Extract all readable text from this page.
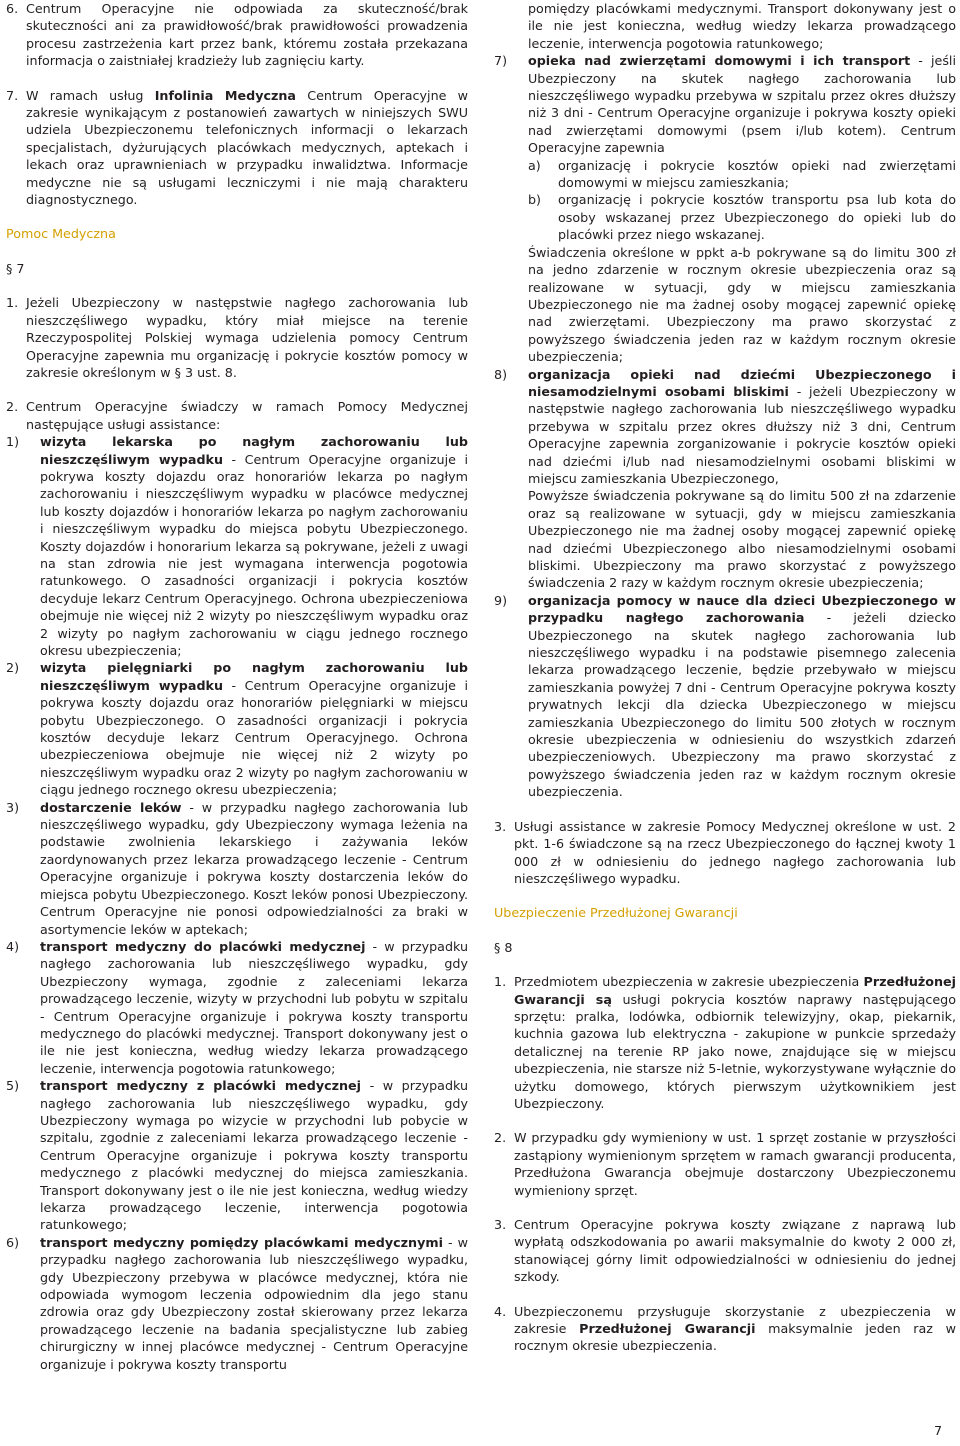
6. Centrum Operacyjne nie odpowiada za skuteczność/brak skuteczności ani za prawidłowość/brak prawidłowości prowadzenia procesu zastrzeżenia kart przez bank, któremu została przekazana informacja o zaistniałej kradzieży lub zagnięciu karty.
7. W ramach usług Infolinia Medyczna Centrum Operacyjne w zakresie wynikającym z postanowień zawartych w niniejszych SWU udziela Ubezpieczonemu telefonicznych informacji o lekarzach specjalistach, dyżurujących placówkach medycznych, aptekach i lekach oraz uprawnieniach w przypadku inwalidztwa. Informacje medyczne nie są usługami leczniczymi i nie mają charakteru diagnostycznego.
Pomoc Medyczna
§ 7
1. Jeżeli Ubezpieczony w następstwie nagłego zachorowania lub nieszczęśliwego wypadku, który miał miejsce na terenie Rzeczypospolitej Polskiej wymaga udzielenia pomocy Centrum Operacyjne zapewnia mu organizację i pokrycie kosztów pomocy w zakresie określonym w § 3 ust. 8.
2. Centrum Operacyjne świadczy w ramach Pomocy Medycznej następujące usługi assistance:
1)	wizyta lekarska po nagłym zachorowaniu lub nieszczęśliwym wypadku - Centrum Operacyjne organizuje i pokrywa koszty dojazdu oraz honorariów lekarza po nagłym zachorowaniu i nieszczęśliwym wypadku w placówce medycznej lub koszty dojazdów i honorariów lekarza po nagłym zachorowaniu i nieszczęśliwym wypadku do miejsca pobytu Ubezpieczonego. Koszty dojazdów i honorarium lekarza są pokrywane, jeżeli z uwagi na stan zdrowia nie jest wymagana interwencja pogotowia ratunkowego. O zasadności organizacji i pokrycia kosztów decyduje lekarz Centrum Operacyjnego. Ochrona ubezpieczeniowa obejmuje nie więcej niż 2 wizyty po nieszczęśliwym wypadku oraz 2 wizyty po nagłym zachorowaniu w ciągu jednego rocznego okresu ubezpieczenia;
2)	wizyta pielęgniarki po nagłym zachorowaniu lub nieszczęśliwym wypadku - Centrum Operacyjne organizuje i pokrywa koszty dojazdu oraz honorariów pielęgniarki w miejscu pobytu Ubezpieczonego. O zasadności organizacji i pokrycia kosztów decyduje lekarz Centrum Operacyjnego. Ochrona ubezpieczeniowa obejmuje nie więcej niż 2 wizyty po nieszczęśliwym wypadku oraz 2 wizyty po nagłym zachorowaniu w ciągu jednego rocznego okresu ubezpieczenia;
3)	dostarczenie leków - w przypadku nagłego zachorowania lub nieszczęśliwego wypadku, gdy Ubezpieczony wymaga leżenia na podstawie zwolnienia lekarskiego i zażywania leków zaordynowanych przez lekarza prowadzącego leczenie - Centrum Operacyjne organizuje i pokrywa koszty dostarczenia leków do miejsca pobytu Ubezpieczonego. Koszt leków ponosi Ubezpieczony. Centrum Operacyjne nie ponosi odpowiedzialności za braki w asortymencie leków w aptekach;
4)	transport medyczny do placówki medycznej - w przypadku nagłego zachorowania lub nieszczęśliwego wypadku, gdy Ubezpieczony wymaga, zgodnie z zaleceniami lekarza prowadzącego leczenie, wizyty w przychodni lub pobytu w szpitalu - Centrum Operacyjne organizuje i pokrywa koszty transportu medycznego do placówki medycznej. Transport dokonywany jest o ile nie jest konieczna, według wiedzy lekarza prowadzącego leczenie, interwencja pogotowia ratunkowego;
5)	transport medyczny z placówki medycznej - w przypadku nagłego zachorowania lub nieszczęśliwego wypadku, gdy Ubezpieczony wymaga po wizycie w przychodni lub pobycie w szpitalu, zgodnie z zaleceniami lekarza prowadzącego leczenie - Centrum Operacyjne organizuje i pokrywa koszty transportu medycznego z placówki medycznej do miejsca zamieszkania. Transport dokonywany jest o ile nie jest konieczna, według wiedzy lekarza prowadzącego leczenie, interwencja pogotowia ratunkowego;
6)	transport medyczny pomiędzy placówkami medycznymi - w przypadku nagłego zachorowania lub nieszczęśliwego wypadku, gdy Ubezpieczony przebywa w placówce medycznej, która nie odpowiada wymogom leczenia odpowiednim dla jego stanu zdrowia oraz gdy Ubezpieczony został skierowany przez lekarza prowadzącego leczenie na badania specjalistyczne lub zabieg chirurgiczny w innej placówce medycznej - Centrum Operacyjne organizuje i pokrywa koszty transportu
pomiędzy placówkami medycznymi. Transport dokonywany jest o ile nie jest konieczna, według wiedzy lekarza prowadzącego leczenie, interwencja pogotowia ratunkowego;
7)	opieka nad zwierzętami domowymi i ich transport - jeśli Ubezpieczony na skutek nagłego zachorowania lub nieszczęśliwego wypadku przebywa w szpitalu przez okres dłuższy niż 3 dni - Centrum Operacyjne organizuje i pokrywa koszty opieki nad zwierzętami domowymi (psem i/lub kotem). Centrum Operacyjne zapewnia
a)	organizację i pokrycie kosztów opieki nad zwierzętami domowymi w miejscu zamieszkania;
b)	organizację i pokrycie kosztów transportu psa lub kota do osoby wskazanej przez Ubezpieczonego do opieki lub do placówki przez niego wskazanej.
Świadczenia określone w ppkt a-b pokrywane są do limitu 300 zł na jedno zdarzenie w rocznym okresie ubezpieczenia oraz są realizowane w sytuacji, gdy w miejscu zamieszkania Ubezpieczonego nie ma żadnej osoby mogącej zapewnić opiekę nad zwierzętami. Ubezpieczony ma prawo skorzystać z powyższego świadczenia jeden raz w każdym rocznym okresie ubezpieczenia;
8)	organizacja opieki nad dziećmi Ubezpieczonego i niesamodzielnymi osobami bliskimi - jeżeli Ubezpieczony w następstwie nagłego zachorowania lub nieszczęśliwego wypadku przebywa w szpitalu przez okres dłuższy niż 3 dni, Centrum Operacyjne zapewnia zorganizowanie i pokrycie kosztów opieki nad dziećmi i/lub nad niesamodzielnymi osobami bliskimi w miejscu zamieszkania Ubezpieczonego,
Powyższe świadczenia pokrywane są do limitu 500 zł na zdarzenie oraz są realizowane w sytuacji, gdy w miejscu zamieszkania Ubezpieczonego nie ma żadnej osoby mogącej zapewnić opiekę nad dziećmi Ubezpieczonego albo niesamodzielnymi osobami bliskimi. Ubezpieczony ma prawo skorzystać z powyższego świadczenia 2 razy w każdym rocznym okresie ubezpieczenia;
9)	organizacja pomocy w nauce dla dzieci Ubezpieczonego w przypadku nagłego zachorowania - jeżeli dziecko Ubezpieczonego na skutek nagłego zachorowania lub nieszczęśliwego wypadku i na podstawie pisemnego zalecenia lekarza prowadzącego leczenie, będzie przebywało w miejscu zamieszkania powyżej 7 dni - Centrum Operacyjne pokrywa koszty prywatnych lekcji dla dziecka Ubezpieczonego w miejscu zamieszkania Ubezpieczonego do limitu 500 złotych w rocznym okresie ubezpieczenia w odniesieniu do wszystkich zdarzeń ubezpieczeniowych. Ubezpieczony ma prawo skorzystać z powyższego świadczenia jeden raz w każdym rocznym okresie ubezpieczenia.
3. Usługi assistance w zakresie Pomocy Medycznej określone w ust. 2 pkt. 1-6 świadczone są na rzecz Ubezpieczonego do łącznej kwoty 1 000 zł w odniesieniu do jednego nagłego zachorowania lub nieszczęśliwego wypadku.
Ubezpieczenie Przedłużonej Gwarancji
§ 8
1. Przedmiotem ubezpieczenia w zakresie ubezpieczenia Przedłużonej Gwarancji są usługi pokrycia kosztów naprawy następującego sprzętu: pralka, lodówka, odbiornik telewizyjny, okap, piekarnik, kuchnia gazowa lub elektryczna - zakupione w punkcie sprzedaży detalicznej na terenie RP jako nowe, znajdujące się w miejscu ubezpieczenia, nie starsze niż 5-letnie, wykorzystywane wyłącznie do użytku domowego, których pierwszym użytkownikiem jest Ubezpieczony.
2. W przypadku gdy wymieniony w ust. 1 sprzęt zostanie w przyszłości zastąpiony wymienionym sprzętem w ramach gwarancji producenta, Przedłużona Gwarancja obejmuje dostarczony Ubezpieczonemu wymieniony sprzęt.
3. Centrum Operacyjne pokrywa koszty związane z naprawą lub wypłatą odszkodowania po awarii maksymalnie do kwoty 2 000 zł, stanowiącej górny limit odpowiedzialności w odniesieniu do jednej szkody.
4. Ubezpieczonemu przysługuje skorzystanie z ubezpieczenia w zakresie Przedłużonej Gwarancji maksymalnie jeden raz w rocznym okresie ubezpieczenia.
7
